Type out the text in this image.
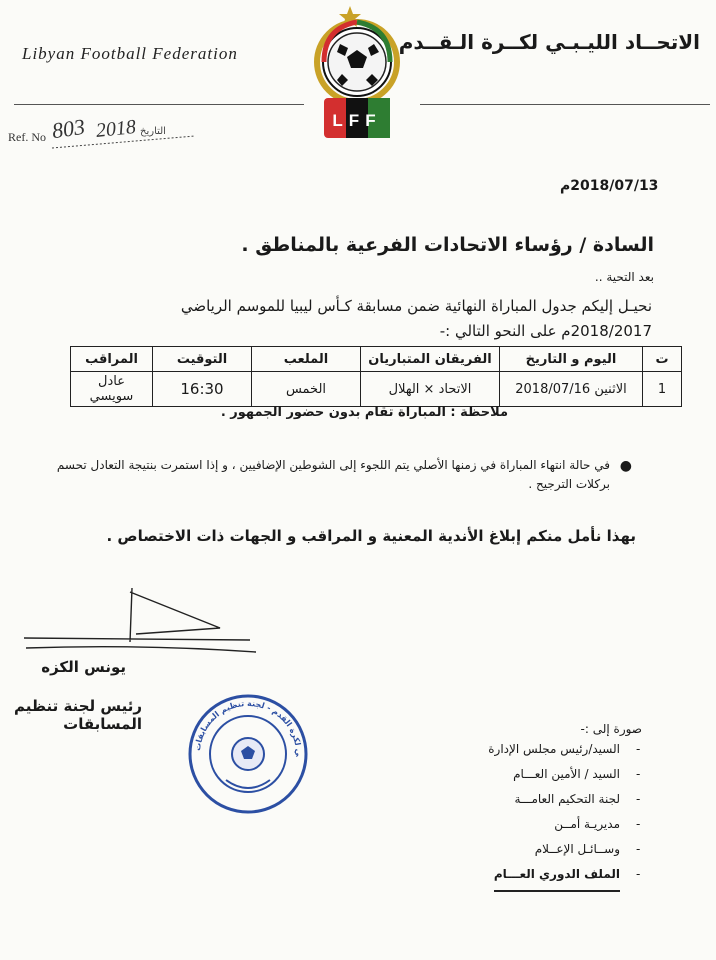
LFF
Libyan Football Federation	الاتحــاد الليـبـي لكــرة الـقــدم
Ref. No 803 2018 التاريخ
2018/07/13م
السادة / رؤساء الاتحادات الفرعية بالمناطق .
بعد التحية ..
نحيـل إليكم جدول المباراة النهائية ضمن مسابقة كـأس ليبيا للموسم الرياضي
2018/2017م على النحو التالي :-
ت	اليوم و التاريخ	الفريقان المتباريان	الملعب	التوقيت	المراقب
1	الاثنين 2018/07/16	الاتحاد × الهلال	الخمس	16:30	عادل سويسي
ملاحظة : المباراة تقام بدون حضور الجمهور .
●
في حالة انتهاء المباراة في زمنها الأصلي يتم اللجوء إلى الشوطين الإضافيين ، و إذا استمرت بنتيجة التعادل تحسم بركلات الترجيح .
بهذا نأمل منكم إبلاغ الأندية المعنية و المراقب و الجهات ذات الاختصاص .
يونس الكزه
رئيس لجنة تنظيم المسابقات
ي لكرة القدم - لجنة تنظيم المسابقات
صورة إلى :-
-
السيد/رئيس مجلس الإدارة
-
السيد / الأمين العـــام
-
لجنة التحكيم العامـــة
-
مديريـة أمــن
-
وســائـل الإعــلام
-
الملف الدوري العـــام
